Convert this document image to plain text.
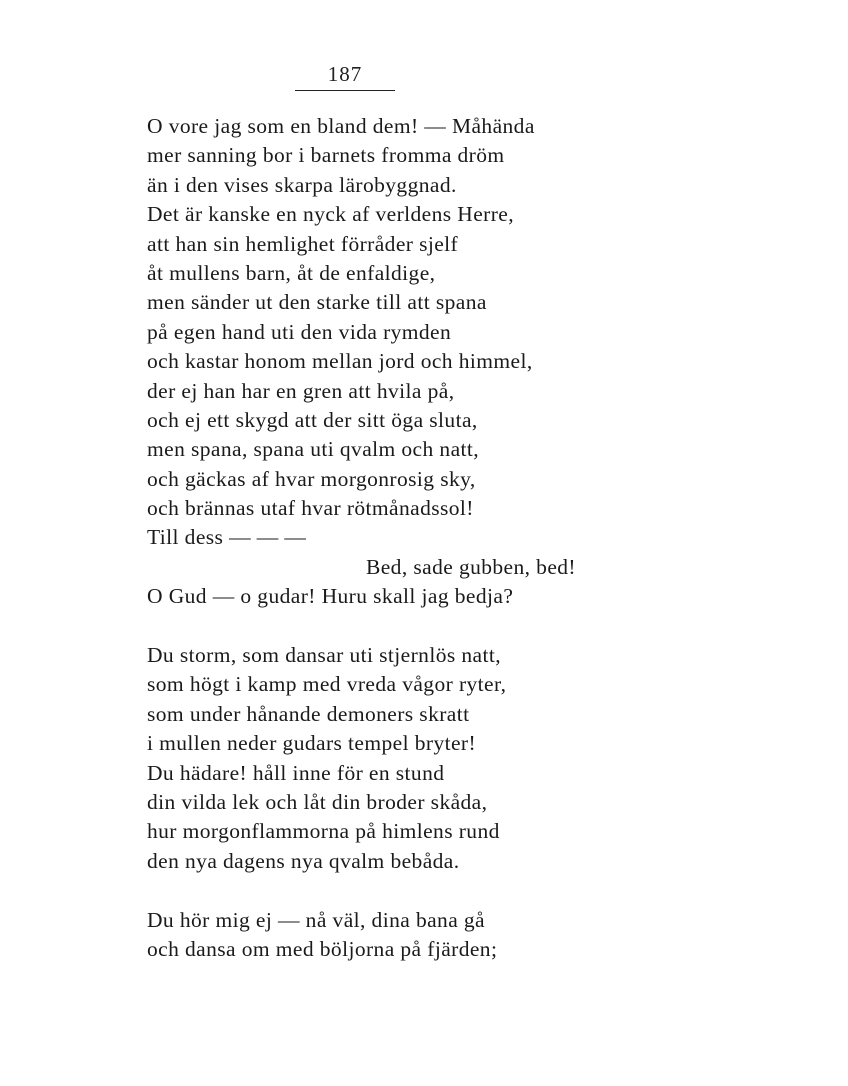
187
O vore jag som en bland dem! — Måhända
mer sanning bor i barnets fromma dröm
än i den vises skarpa lärobyggnad.
Det är kanske en nyck af verldens Herre,
att han sin hemlighet förråder sjelf
åt mullens barn, åt de enfaldige,
men sänder ut den starke till att spana
på egen hand uti den vida rymden
och kastar honom mellan jord och himmel,
der ej han har en gren att hvila på,
och ej ett skygd att der sitt öga sluta,
men spana, spana uti qvalm och natt,
och gäckas af hvar morgonrosig sky,
och brännas utaf hvar rötmånadssol!
Till dess — — —
Bed, sade gubben, bed!
O Gud — o gudar! Huru skall jag bedja?
Du storm, som dansar uti stjernlös natt,
som högt i kamp med vreda vågor ryter,
som under hånande demoners skratt
i mullen neder gudars tempel bryter!
Du hädare! håll inne för en stund
din vilda lek och låt din broder skåda,
hur morgonflammorna på himlens rund
den nya dagens nya qvalm bebåda.
Du hör mig ej — nå väl, dina bana gå
och dansa om med böljorna på fjärden;
